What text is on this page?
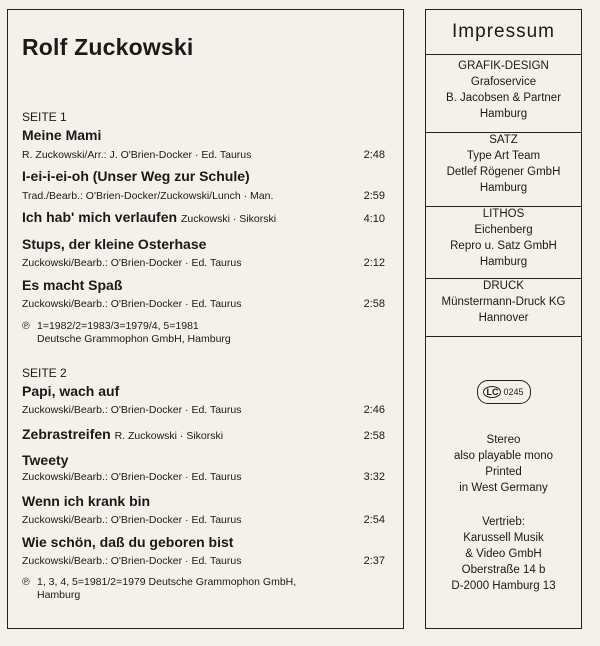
Rolf Zuckowski
SEITE 1
Meine Mami
R. Zuckowski/Arr.: J. O'Brien-Docker · Ed. Taurus	2:48
I-ei-i-ei-oh (Unser Weg zur Schule)
Trad./Bearb.: O'Brien-Docker/Zuckowski/Lunch · Man.	2:59
Ich hab' mich verlaufen Zuckowski · Sikorski	4:10
Stups, der kleine Osterhase
Zuckowski/Bearb.: O'Brien-Docker · Ed. Taurus	2:12
Es macht Spaß
Zuckowski/Bearb.: O'Brien-Docker · Ed. Taurus	2:58
℗ 1=1982/2=1983/3=1979/4, 5=1981
Deutsche Grammophon GmbH, Hamburg
SEITE 2
Papi, wach auf
Zuckowski/Bearb.: O'Brien-Docker · Ed. Taurus	2:46
Zebrastreifen R. Zuckowski · Sikorski	2:58
Tweety
Zuckowski/Bearb.: O'Brien-Docker · Ed. Taurus	3:32
Wenn ich krank bin
Zuckowski/Bearb.: O'Brien-Docker · Ed. Taurus	2:54
Wie schön, daß du geboren bist
Zuckowski/Bearb.: O'Brien-Docker · Ed. Taurus	2:37
℗ 1, 3, 4, 5=1981/2=1979 Deutsche Grammophon GmbH,
Hamburg
Impressum
GRAFIK-DESIGN
Grafoservice
B. Jacobsen & Partner
Hamburg
SATZ
Type Art Team
Detlef Rögener GmbH
Hamburg
LITHOS
Eichenberg
Repro u. Satz GmbH
Hamburg
DRUCK
Münstermann-Druck KG
Hannover
LC 0245
Stereo
also playable mono
Printed
in West Germany
Vertrieb:
Karussell Musik
& Video GmbH
Oberstraße 14 b
D-2000 Hamburg 13
